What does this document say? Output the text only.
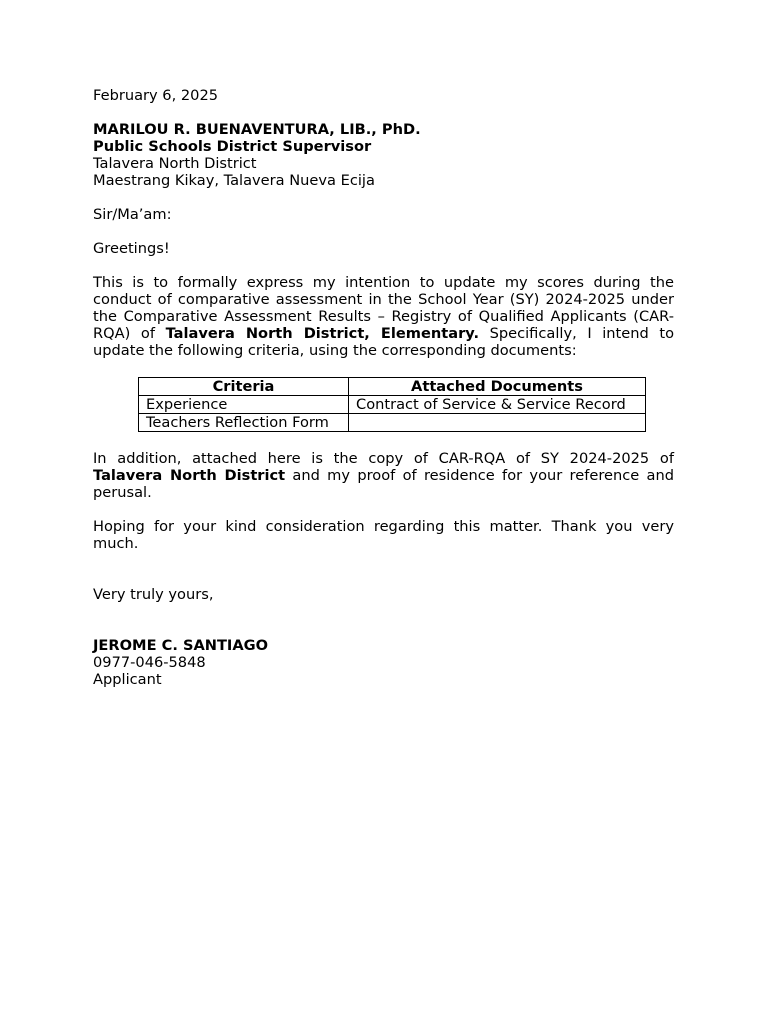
February 6, 2025

MARILOU R. BUENAVENTURA, LIB., PhD.

Public Schools District Supervisor

Talavera North District

Maestrang Kikay, Talavera Nueva Ecija

Sir/Ma’am:

Greetings!

This is to formally express my intention to update my scores during the conduct of comparative assessment in the School Year (SY) 2024-2025 under the Comparative Assessment Results – Registry of Qualified Applicants (CAR-RQA) of Talavera North District, Elementary. Specifically, I intend to update the following criteria, using the corresponding documents:

Criteria	Attached Documents
Experience	Contract of Service & Service Record
Teachers Reflection Form	

In addition, attached here is the copy of CAR-RQA of SY 2024-2025 of Talavera North District and my proof of residence for your reference and perusal.

Hoping for your kind consideration regarding this matter. Thank you very much.

Very truly yours,

JEROME C. SANTIAGO

0977-046-5848

Applicant
